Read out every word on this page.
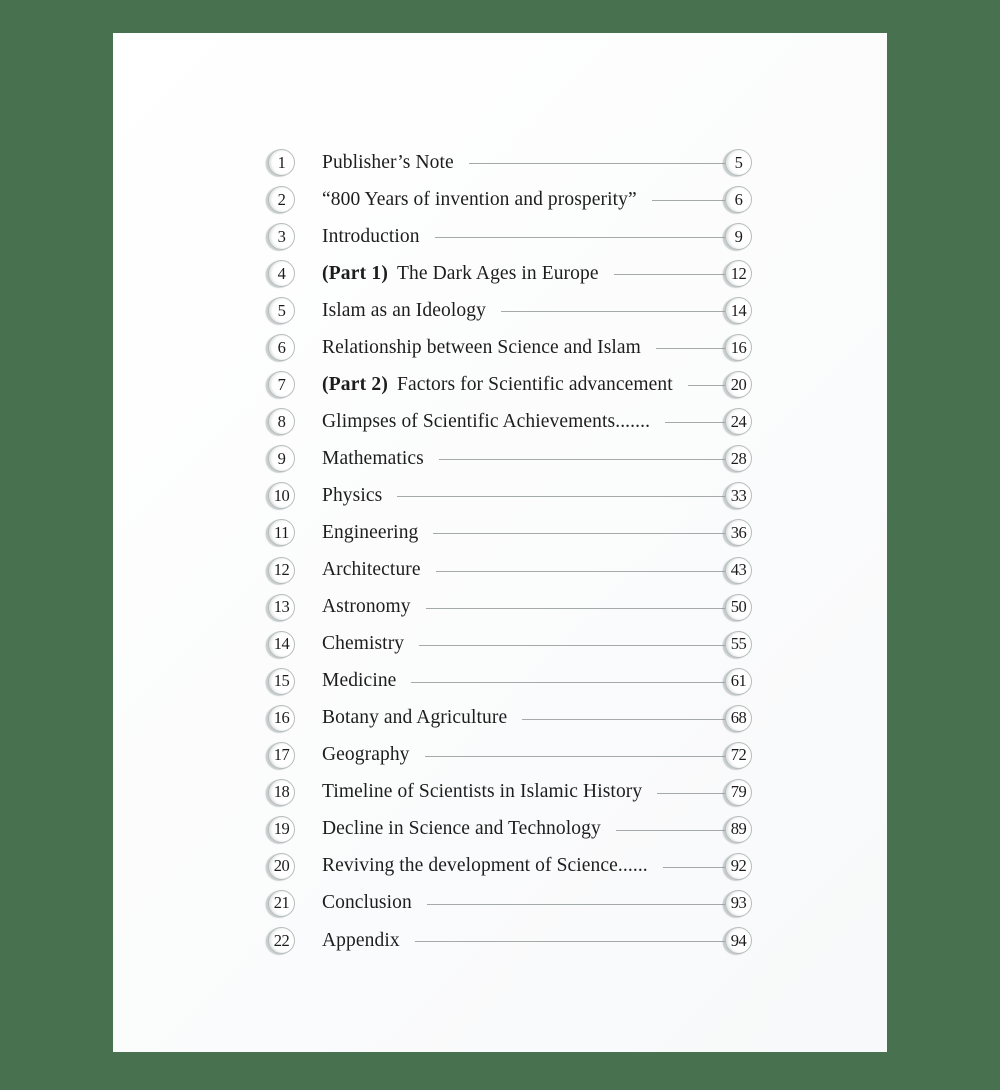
1	Publisher’s Note	5
2	“800 Years of invention and prosperity”	6
3	Introduction	9
4	(Part 1) The Dark Ages in Europe	12
5	Islam as an Ideology	14
6	Relationship between Science and Islam	16
7	(Part 2) Factors for Scientific advancement	20
8	Glimpses of Scientific Achievements.......	24
9	Mathematics	28
10 Physics	33
11	Engineering	36
12 Architecture	43
13 Astronomy	50
14 Chemistry	55
15 Medicine	61
16 Botany and Agriculture	68
17 Geography	72
18 Timeline of Scientists in Islamic History	79
19 Decline in Science and Technology	89
20 Reviving the development of Science......	92
21 Conclusion	93
22 Appendix	94
